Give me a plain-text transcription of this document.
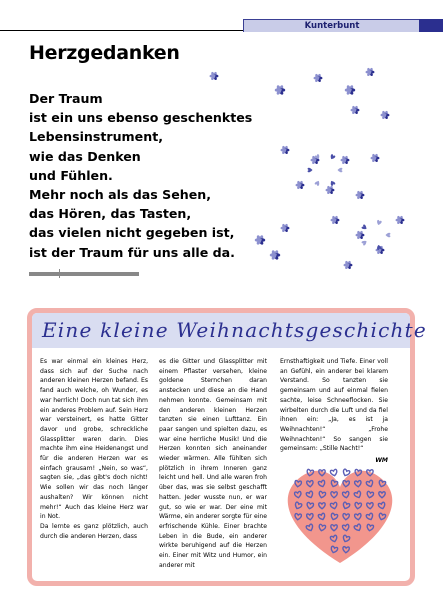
Kunterbunt
Herzgedanken
Der Traum
ist ein uns ebenso geschenktes
Lebensinstrument,
wie das Denken
und Fühlen.
Mehr noch als das Sehen,
das Hören, das Tasten,
das vielen nicht gegeben ist,
ist der Traum für uns alle da.
Eine kleine Weihnachtsgeschichte

Es war einmal ein kleines Herz, dass sich auf der Suche nach anderen kleinen Herzen befand. Es fand auch welche, oh Wunder, es war herrlich! Doch nun tat sich ihm ein anderes Problem auf. Sein Herz war versteinert, es hatte Gitter davor und grobe, schreckliche Glassplitter waren darin. Dies machte ihm eine Heidenangst und für die anderen Herzen war es einfach grausam! „Nein, so was“, sagten sie, „das gibt's doch nicht! Wie sollen wir das noch länger aushalten? Wir können nicht mehr!“ Auch das kleine Herz war in Not.

Da lernte es ganz plötzlich, auch durch die anderen Herzen, dass

es die Gitter und Glassplitter mit einem Pflaster versehen, kleine goldene Sternchen daran anstecken und diese an die Hand nehmen konnte. Gemeinsam mit den anderen kleinen Herzen tanzten sie einen Lufttanz. Ein paar sangen und spielten dazu, es war eine herrliche Musik! Und die Herzen konnten sich aneinander wieder wärmen. Alle fühlten sich plötzlich in ihrem Inneren ganz leicht und hell. Und alle waren froh über das, was sie selbst geschafft hatten. Jeder wusste nun, er war gut, so wie er war. Der eine mit Wärme, ein anderer sorgte für eine erfrischende Kühle. Einer brachte Leben in die Bude, ein anderer wirkte beruhigend auf die Herzen ein. Einer mit Witz und Humor, ein anderer mit

Ernsthaftigkeit und Tiefe. Einer voll an Gefühl, ein anderer bei klarem Verstand. So tanzten sie gemeinsam und auf einmal fielen sachte, leise Schneeflocken. Sie wirbelten durch die Luft und da fiel ihnen ein: „Ja, es ist ja Weihnachten!“ „Frohe Weihnachten!“ So sangen sie gemeinsam: „Stille Nacht!“

WM
